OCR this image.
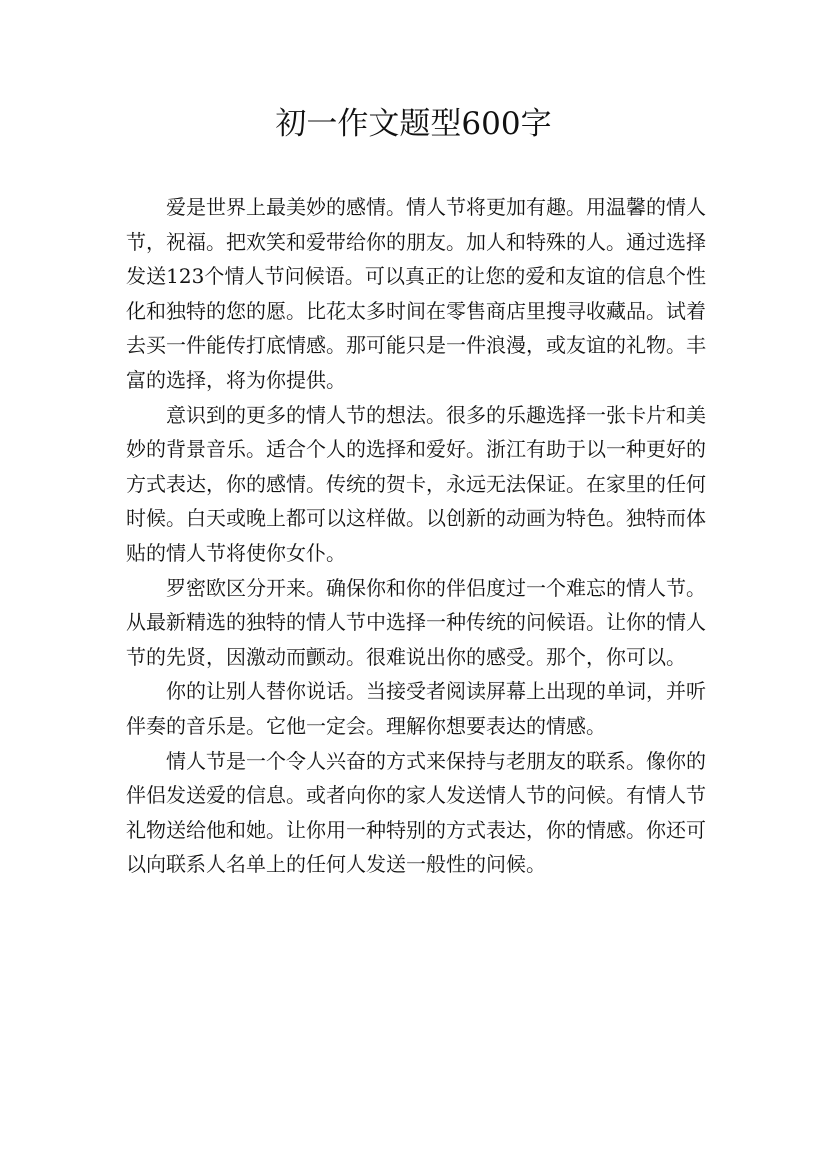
初一作文题型600字

爱是世界上最美妙的感情。情人节将更加有趣。用温馨的情人节，祝福。把欢笑和爱带给你的朋友。加人和特殊的人。通过选择发送123个情人节问候语。可以真正的让您的爱和友谊的信息个性化和独特的您的愿。比花太多时间在零售商店里搜寻收藏品。试着去买一件能传打底情感。那可能只是一件浪漫，或友谊的礼物。丰富的选择，将为你提供。

意识到的更多的情人节的想法。很多的乐趣选择一张卡片和美妙的背景音乐。适合个人的选择和爱好。浙江有助于以一种更好的方式表达，你的感情。传统的贺卡，永远无法保证。在家里的任何时候。白天或晚上都可以这样做。以创新的动画为特色。独特而体贴的情人节将使你女仆。

罗密欧区分开来。确保你和你的伴侣度过一个难忘的情人节。从最新精选的独特的情人节中选择一种传统的问候语。让你的情人节的先贤，因激动而颤动。很难说出你的感受。那个，你可以。

你的让别人替你说话。当接受者阅读屏幕上出现的单词，并听伴奏的音乐是。它他一定会。理解你想要表达的情感。

情人节是一个令人兴奋的方式来保持与老朋友的联系。像你的伴侣发送爱的信息。或者向你的家人发送情人节的问候。有情人节礼物送给他和她。让你用一种特别的方式表达，你的情感。你还可以向联系人名单上的任何人发送一般性的问候。
